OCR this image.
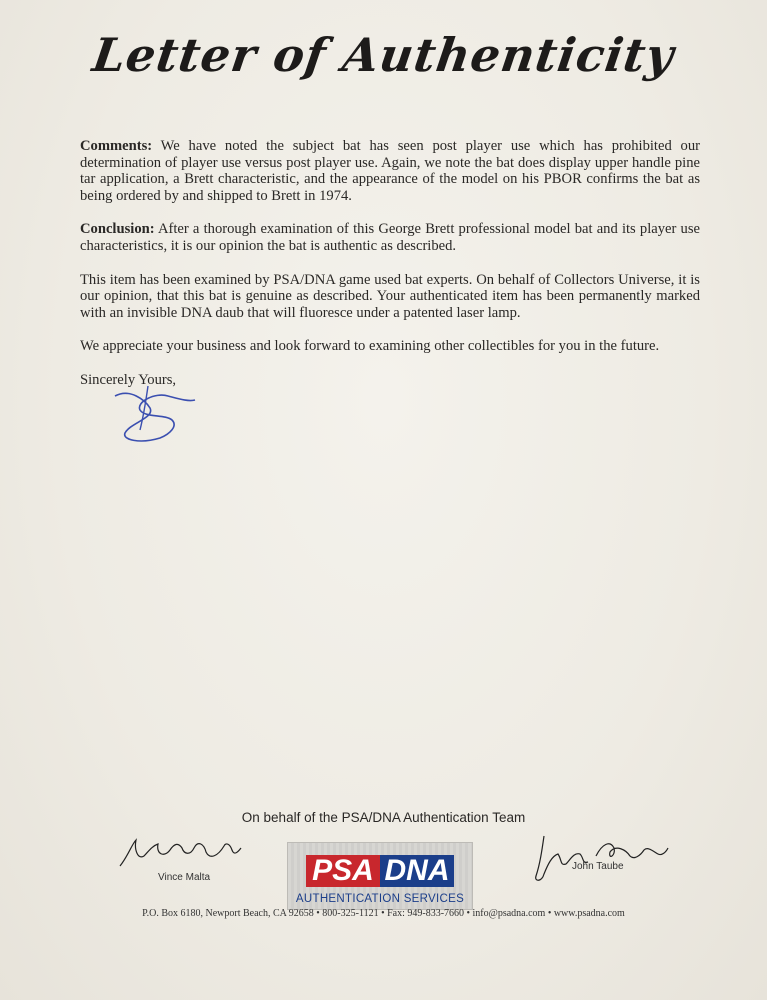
Letter of Authenticity

Comments: We have noted the subject bat has seen post player use which has prohibited our determination of player use versus post player use. Again, we note the bat does display upper handle pine tar application, a Brett characteristic, and the appearance of the model on his PBOR confirms the bat as being ordered by and shipped to Brett in 1974.

Conclusion: After a thorough examination of this George Brett professional model bat and its player use characteristics, it is our opinion the bat is authentic as described.

This item has been examined by PSA/DNA game used bat experts. On behalf of Collectors Universe, it is our opinion, that this bat is genuine as described. Your authenticated item has been permanently marked with an invisible DNA daub that will fluoresce under a patented laser lamp.

We appreciate your business and look forward to examining other collectibles for you in the future.

Sincerely Yours,

On behalf of the PSA/DNA Authentication Team
Vince Malta
John Taube
PSA DNA
AUTHENTICATION SERVICES
P.O. Box 6180, Newport Beach, CA 92658 • 800-325-1121 • Fax: 949-833-7660 • info@psadna.com • www.psadna.com
